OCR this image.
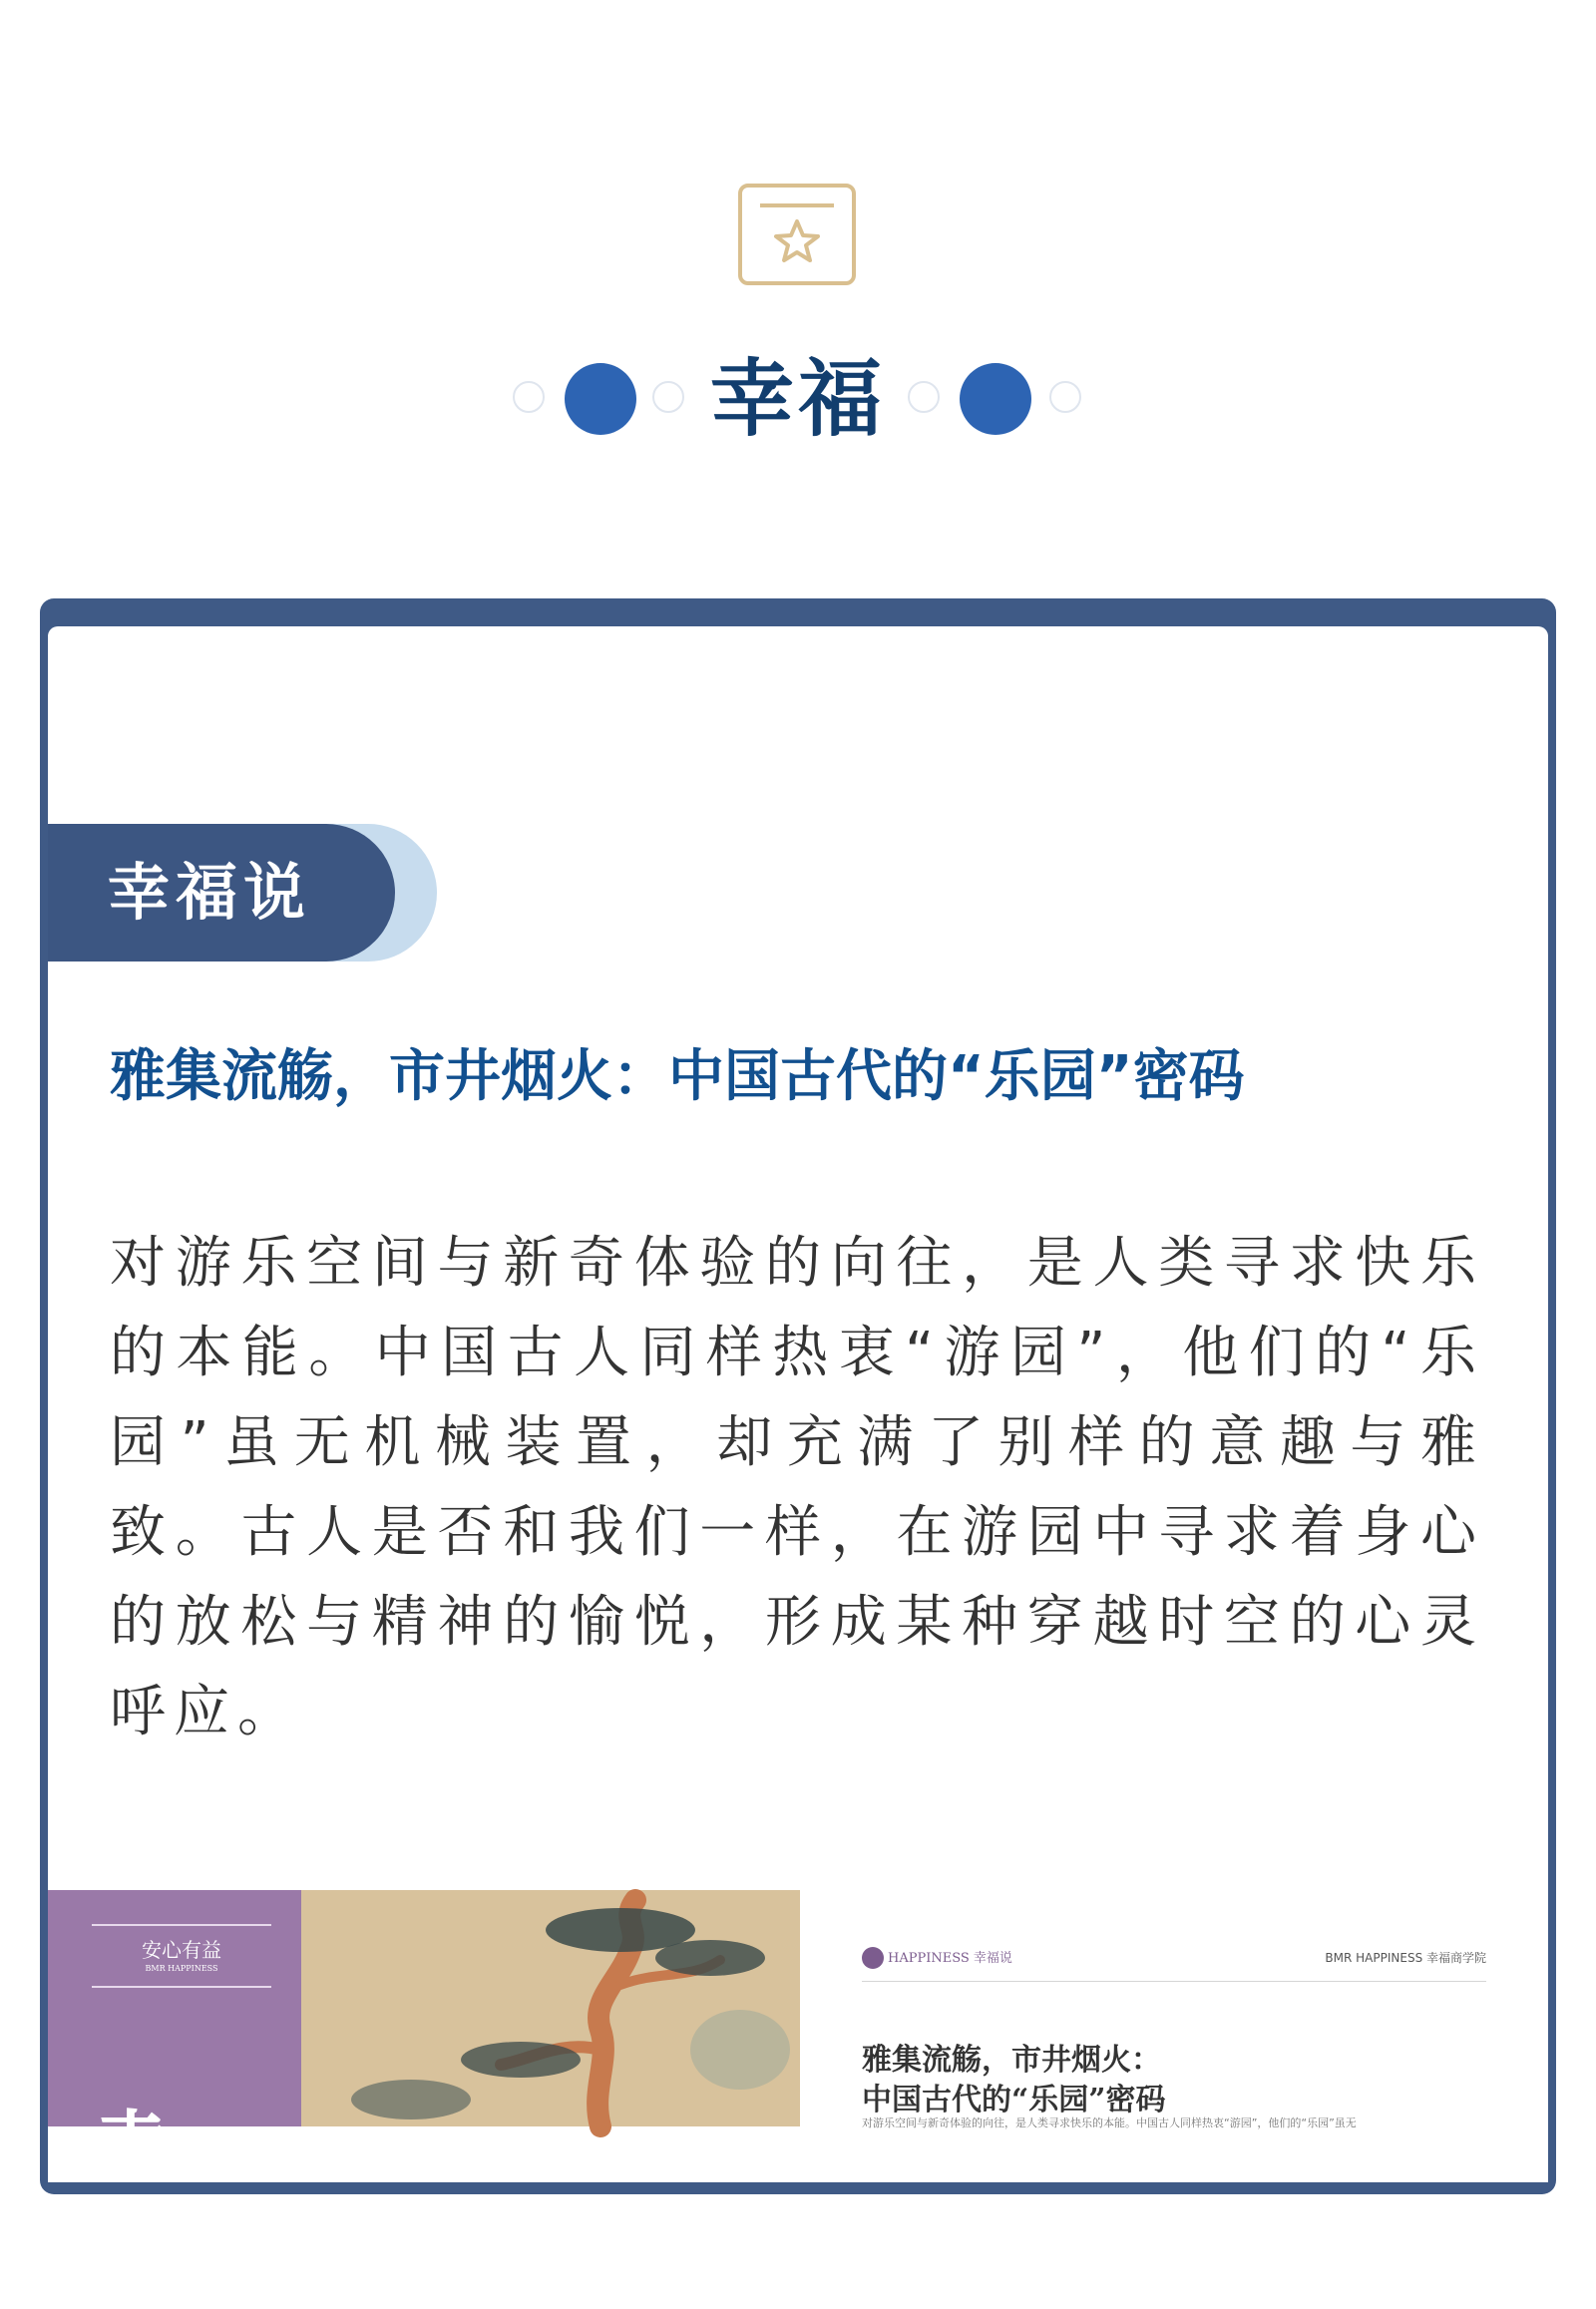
幸福
幸福说
雅集流觞，市井烟火：中国古代的“乐园”密码
对游乐空间与新奇体验的向往，是人类寻求快乐的本能。中国古人同样热衷“游园”，他们的“乐园”虽无机械装置，却充满了别样的意趣与雅致。古人是否和我们一样，在游园中寻求着身心的放松与精神的愉悦，形成某种穿越时空的心灵呼应。
安心有益
BMR HAPPINESS
幸福
HAPPINESS 幸福说	BMR HAPPINESS 幸福商学院
雅集流觞，市井烟火：
中国古代的“乐园”密码
对游乐空间与新奇体验的向往，是人类寻求快乐的本能。中国古人同样热衷“游园”，他们的“乐园”虽无
